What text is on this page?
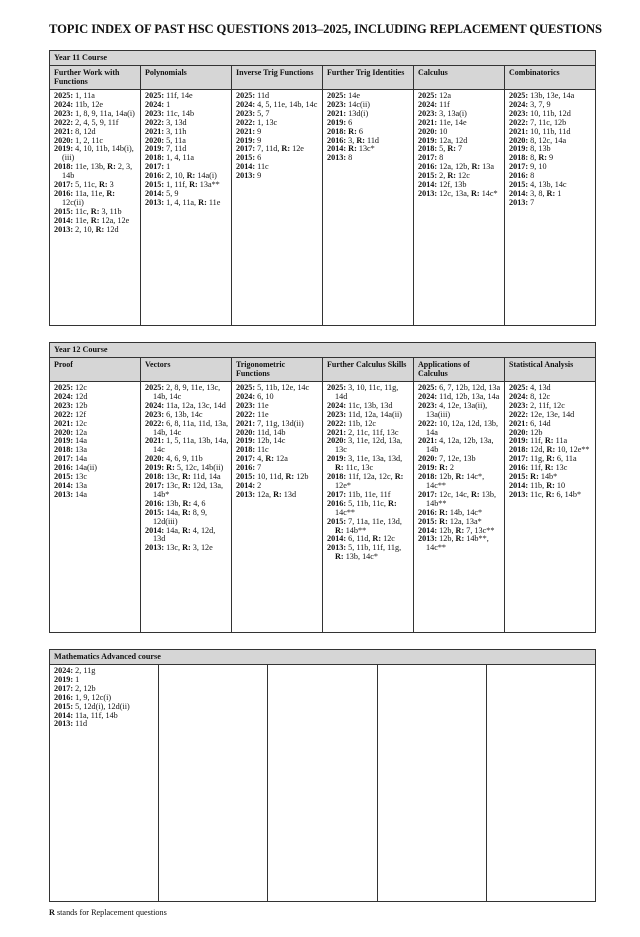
TOPIC INDEX OF PAST HSC QUESTIONS 2013–2025, INCLUDING REPLACEMENT QUESTIONS
Year 11 Course
Further Work with Functions
2025: 1, 11a
2024: 11b, 12e
2023: 1, 8, 9, 11a, 14a(i)
2022: 2, 4, 5, 9, 11f
2021: 8, 12d
2020: 1, 2, 11c
2019: 4, 10, 11b, 14b(i), (iii)
2018: 11e, 13b, R: 2, 3, 14b
2017: 5, 11c, R: 3
2016: 11a, 11e, R: 12c(ii)
2015: 11c, R: 3, 11b
2014: 11e, R: 12a, 12e
2013: 2, 10, R: 12d
Polynomials
2025: 11f, 14e
2024: 1
2023: 11c, 14b
2022: 3, 13d
2021: 3, 11h
2020: 5, 11a
2019: 7, 11d
2018: 1, 4, 11a
2017: 1
2016: 2, 10, R: 14a(i)
2015: 1, 11f, R: 13a**
2014: 5, 9
2013: 1, 4, 11a, R: 11e
Inverse Trig Functions
2025: 11d
2024: 4, 5, 11e, 14b, 14c
2023: 5, 7
2022: 1, 13c
2021: 9
2019: 9
2017: 7, 11d, R: 12e
2015: 6
2014: 11c
2013: 9
Further Trig Identities
2025: 14e
2023: 14c(ii)
2021: 13d(i)
2019: 6
2018: R: 6
2016: 3, R: 11d
2014: R: 13c*
2013: 8
Calculus
2025: 12a
2024: 11f
2023: 3, 13a(i)
2021: 11e, 14e
2020: 10
2019: 12a, 12d
2018: 5, R: 7
2017: 8
2016: 12a, 12b, R: 13a
2015: 2, R: 12c
2014: 12f, 13b
2013: 12c, 13a, R: 14c*
Combinatorics
2025: 13b, 13e, 14a
2024: 3, 7, 9
2023: 10, 11b, 12d
2022: 7, 11c, 12b
2021: 10, 11b, 11d
2020: 8, 12c, 14a
2019: 8, 13b
2018: 8, R: 9
2017: 9, 10
2016: 8
2015: 4, 13b, 14c
2014: 3, 8, R: 1
2013: 7
Year 12 Course
Proof
2025: 12c
2024: 12d
2023: 12b
2022: 12f
2021: 12c
2020: 12a
2019: 14a
2018: 13a
2017: 14a
2016: 14a(ii)
2015: 13c
2014: 13a
2013: 14a
Vectors
2025: 2, 8, 9, 11e, 13c, 14b, 14c
2024: 11a, 12a, 13c, 14d
2023: 6, 13b, 14c
2022: 6, 8, 11a, 11d, 13a, 14b, 14c
2021: 1, 5, 11a, 13b, 14a, 14c
2020: 4, 6, 9, 11b
2019: R: 5, 12c, 14b(ii)
2018: 13c, R: 11d, 14a
2017: 13c, R: 12d, 13a, 14b*
2016: 13b, R: 4, 6
2015: 14a, R: 8, 9, 12d(iii)
2014: 14a, R: 4, 12d, 13d
2013: 13c, R: 3, 12e
Trigonometric Functions
2025: 5, 11b, 12e, 14c
2024: 6, 10
2023: 11e
2022: 11e
2021: 7, 11g, 13d(ii)
2020: 11d, 14b
2019: 12b, 14c
2018: 11c
2017: 4, R: 12a
2016: 7
2015: 10, 11d, R: 12b
2014: 2
2013: 12a, R: 13d
Further Calculus Skills
2025: 3, 10, 11c, 11g, 14d
2024: 11c, 13b, 13d
2023: 11d, 12a, 14a(ii)
2022: 11b, 12c
2021: 2, 11c, 11f, 13c
2020: 3, 11e, 12d, 13a, 13c
2019: 3, 11e, 13a, 13d, R: 11c, 13c
2018: 11f, 12a, 12c, R: 12e*
2017: 11b, 11e, 11f
2016: 5, 11b, 11c, R: 14c**
2015: 7, 11a, 11e, 13d, R: 14b**
2014: 6, 11d, R: 12c
2013: 5, 11b, 11f, 11g, R: 13b, 14c*
Applications of Calculus
2025: 6, 7, 12b, 12d, 13a
2024: 11d, 12b, 13a, 14a
2023: 4, 12e, 13a(ii), 13a(iii)
2022: 10, 12a, 12d, 13b, 14a
2021: 4, 12a, 12b, 13a, 14b
2020: 7, 12e, 13b
2019: R: 2
2018: 12b, R: 14c*, 14c**
2017: 12c, 14c, R: 13b, 14b**
2016: R: 14b, 14c*
2015: R: 12a, 13a*
2014: 12b, R: 7, 13c**
2013: 12b, R: 14b**, 14c**
Statistical Analysis
2025: 4, 13d
2024: 8, 12c
2023: 2, 11f, 12c
2022: 12e, 13e, 14d
2021: 6, 14d
2020: 12b
2019: 11f, R: 11a
2018: 12d, R: 10, 12e**
2017: 11g, R: 6, 11a
2016: 11f, R: 13c
2015: R: 14b*
2014: 11b, R: 10
2013: 11c, R: 6, 14b*
Mathematics Advanced course
2024: 2, 11g
2019: 1
2017: 2, 12b
2016: 1, 9, 12c(i)
2015: 5, 12d(i), 12d(ii)
2014: 11a, 11f, 14b
2013: 11d
R stands for Replacement questions
